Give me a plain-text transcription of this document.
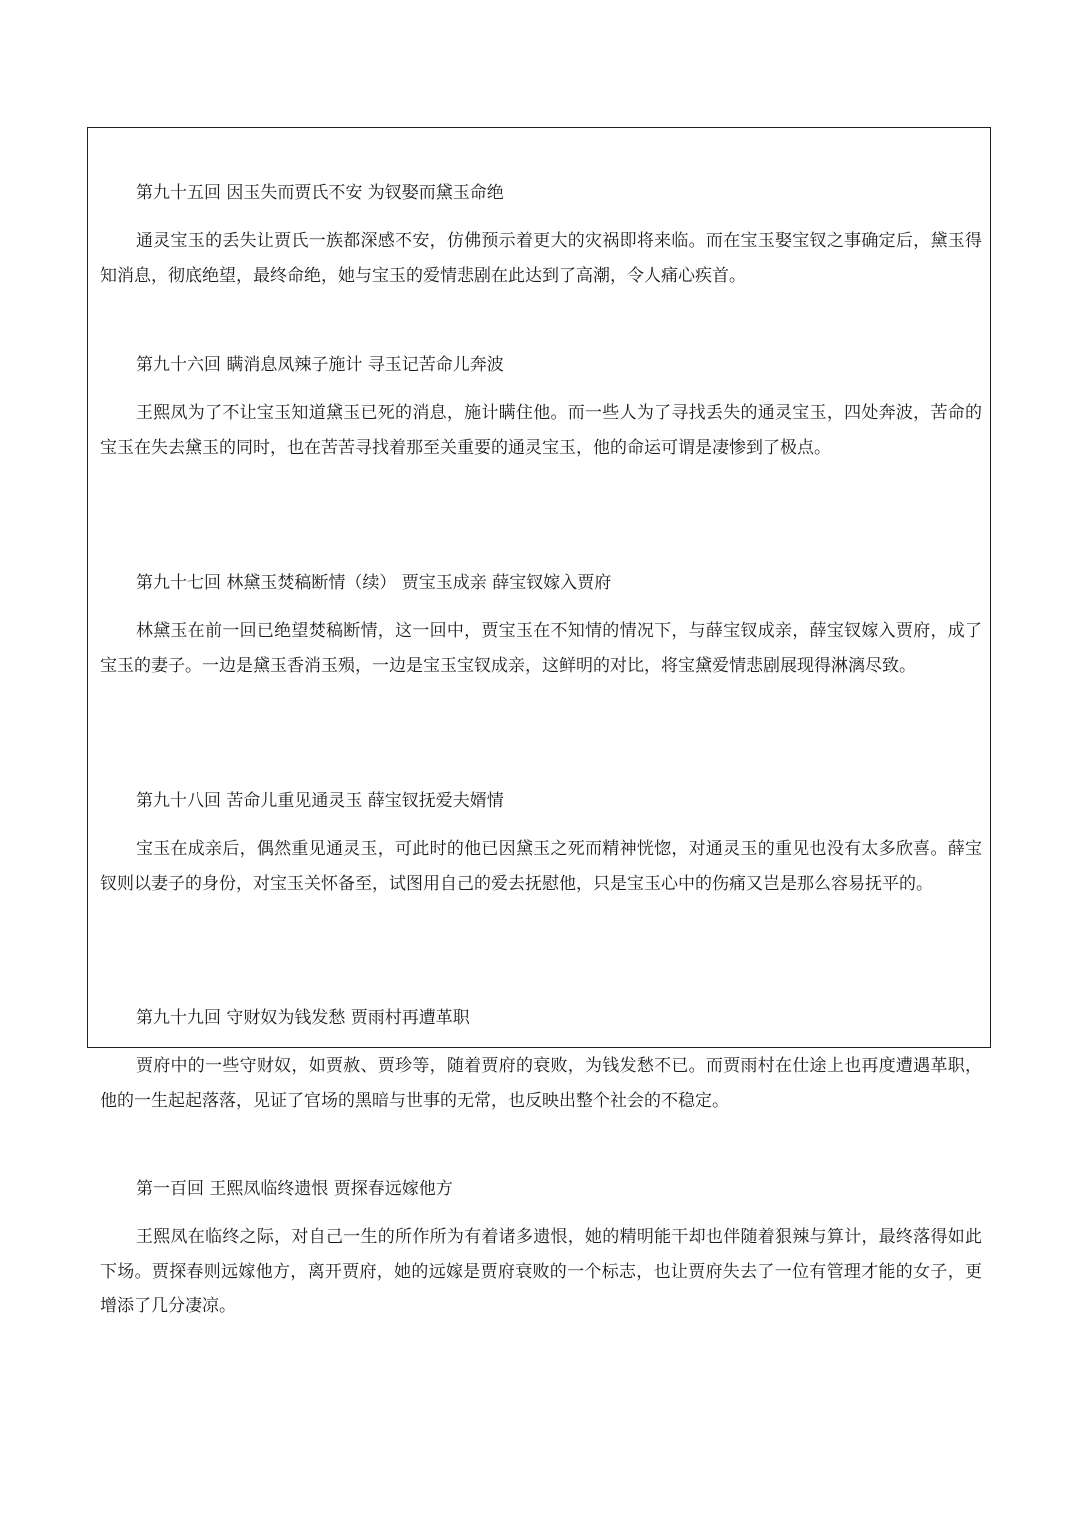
第九十五回 因玉失而贾氏不安 为钗娶而黛玉命绝

通灵宝玉的丢失让贾氏一族都深感不安，仿佛预示着更大的灾祸即将来临。而在宝玉娶宝钗之事确定后，黛玉得知消息，彻底绝望，最终命绝，她与宝玉的爱情悲剧在此达到了高潮，令人痛心疾首。

第九十六回 瞒消息凤辣子施计 寻玉记苦命儿奔波

王熙凤为了不让宝玉知道黛玉已死的消息，施计瞒住他。而一些人为了寻找丢失的通灵宝玉，四处奔波，苦命的宝玉在失去黛玉的同时，也在苦苦寻找着那至关重要的通灵宝玉，他的命运可谓是凄惨到了极点。

第九十七回 林黛玉焚稿断情（续） 贾宝玉成亲 薛宝钗嫁入贾府

林黛玉在前一回已绝望焚稿断情，这一回中，贾宝玉在不知情的情况下，与薛宝钗成亲，薛宝钗嫁入贾府，成了宝玉的妻子。一边是黛玉香消玉殒，一边是宝玉宝钗成亲，这鲜明的对比，将宝黛爱情悲剧展现得淋漓尽致。

第九十八回 苦命儿重见通灵玉 薛宝钗抚爱夫婿情

宝玉在成亲后，偶然重见通灵玉，可此时的他已因黛玉之死而精神恍惚，对通灵玉的重见也没有太多欣喜。薛宝钗则以妻子的身份，对宝玉关怀备至，试图用自己的爱去抚慰他，只是宝玉心中的伤痛又岂是那么容易抚平的。

第九十九回 守财奴为钱发愁 贾雨村再遭革职

贾府中的一些守财奴，如贾赦、贾珍等，随着贾府的衰败，为钱发愁不已。而贾雨村在仕途上也再度遭遇革职，他的一生起起落落，见证了官场的黑暗与世事的无常，也反映出整个社会的不稳定。

第一百回 王熙凤临终遗恨 贾探春远嫁他方

王熙凤在临终之际，对自己一生的所作所为有着诸多遗恨，她的精明能干却也伴随着狠辣与算计，最终落得如此下场。贾探春则远嫁他方，离开贾府，她的远嫁是贾府衰败的一个标志，也让贾府失去了一位有管理才能的女子，更增添了几分凄凉。
